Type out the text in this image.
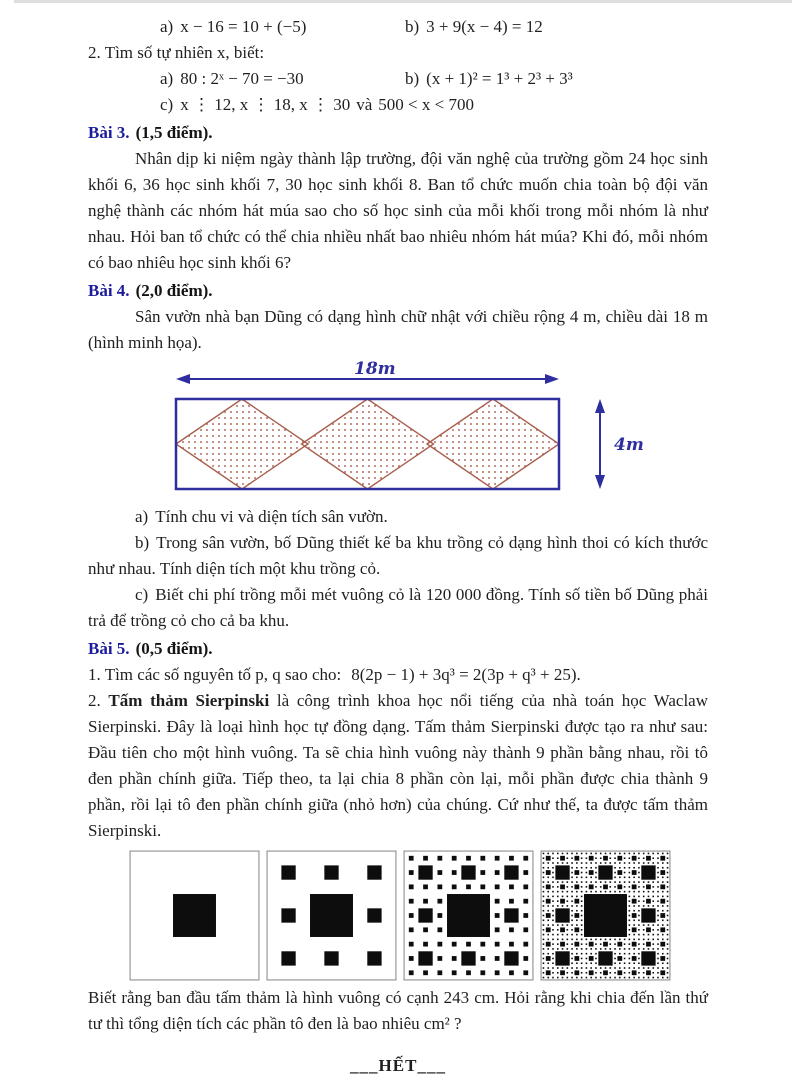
a) x − 16 = 10 + (−5)	b) 3 + 9(x − 4) = 12

2. Tìm số tự nhiên x, biết:

a) 80 : 2ˣ − 70 = −30	b) (x + 1)² = 1³ + 2³ + 3³
c) x ⋮ 12, x ⋮ 18, x ⋮ 30 và 500 < x < 700

Bài 3. (1,5 điểm).

Nhân dịp ki niệm ngày thành lập trường, đội văn nghệ của trường gồm 24 học sinh khối 6, 36 học sinh khối 7, 30 học sinh khối 8. Ban tổ chức muốn chia toàn bộ đội văn nghệ thành các nhóm hát múa sao cho số học sinh của mỗi khối trong mỗi nhóm là như nhau. Hỏi ban tổ chức có thể chia nhiều nhất bao nhiêu nhóm hát múa? Khi đó, mỗi nhóm có bao nhiêu học sinh khối 6?

Bài 4. (2,0 điểm).

Sân vườn nhà bạn Dũng có dạng hình chữ nhật với chiều rộng 4 m, chiều dài 18 m (hình minh họa).

18m
4m

a) Tính chu vi và diện tích sân vườn.

b) Trong sân vườn, bố Dũng thiết kế ba khu trồng cỏ dạng hình thoi có kích thước như nhau. Tính diện tích một khu trồng cỏ.

c) Biết chi phí trồng mỗi mét vuông cỏ là 120 000 đồng. Tính số tiền bố Dũng phải trả để trồng cỏ cho cả ba khu.

Bài 5. (0,5 điểm).

1. Tìm các số nguyên tố p, q sao cho: 8(2p − 1) + 3q³ = 2(3p + q³ + 25).

2. Tấm thảm Sierpinski là công trình khoa học nổi tiếng của nhà toán học Waclaw Sierpinski. Đây là loại hình học tự đồng dạng. Tấm thảm Sierpinski được tạo ra như sau: Đầu tiên cho một hình vuông. Ta sẽ chia hình vuông này thành 9 phần bằng nhau, rồi tô đen phần chính giữa. Tiếp theo, ta lại chia 8 phần còn lại, mỗi phần được chia thành 9 phần, rồi lại tô đen phần chính giữa (nhỏ hơn) của chúng. Cứ như thế, ta được tấm thảm Sierpinski.

Biết rằng ban đầu tấm thảm là hình vuông có cạnh 243 cm. Hỏi rằng khi chia đến lần thứ tư thì tổng diện tích các phần tô đen là bao nhiêu cm² ?

___HẾT___
